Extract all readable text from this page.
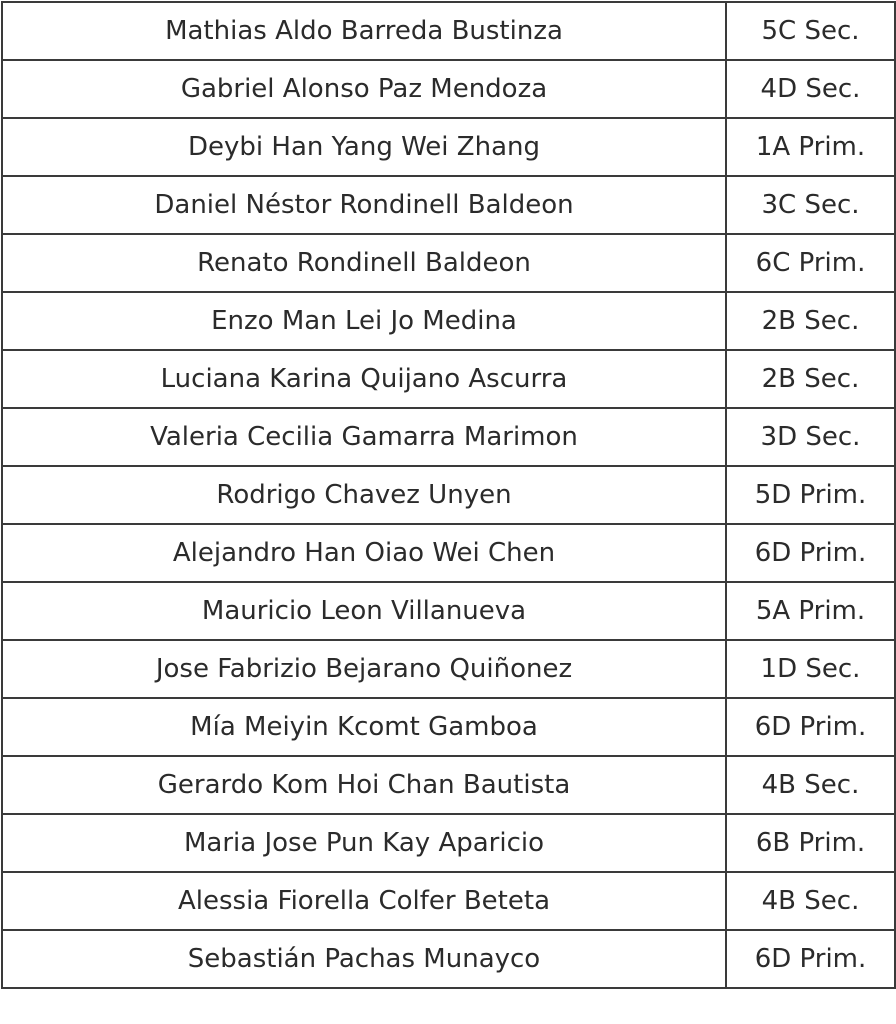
Mathias Aldo Barreda Bustinza	5C Sec.
Gabriel Alonso Paz Mendoza	4D Sec.
Deybi Han Yang Wei Zhang	1A Prim.
Daniel Néstor Rondinell Baldeon	3C Sec.
Renato Rondinell Baldeon	6C Prim.
Enzo Man Lei Jo Medina	2B Sec.
Luciana Karina Quijano Ascurra	2B Sec.
Valeria Cecilia Gamarra Marimon	3D Sec.
Rodrigo Chavez Unyen	5D Prim.
Alejandro Han Oiao Wei Chen	6D Prim.
Mauricio Leon Villanueva	5A Prim.
Jose Fabrizio Bejarano Quiñonez	1D Sec.
Mía Meiyin Kcomt Gamboa	6D Prim.
Gerardo Kom Hoi Chan Bautista	4B Sec.
Maria Jose Pun Kay Aparicio	6B Prim.
Alessia Fiorella Colfer Beteta	4B Sec.
Sebastián Pachas Munayco	6D Prim.
